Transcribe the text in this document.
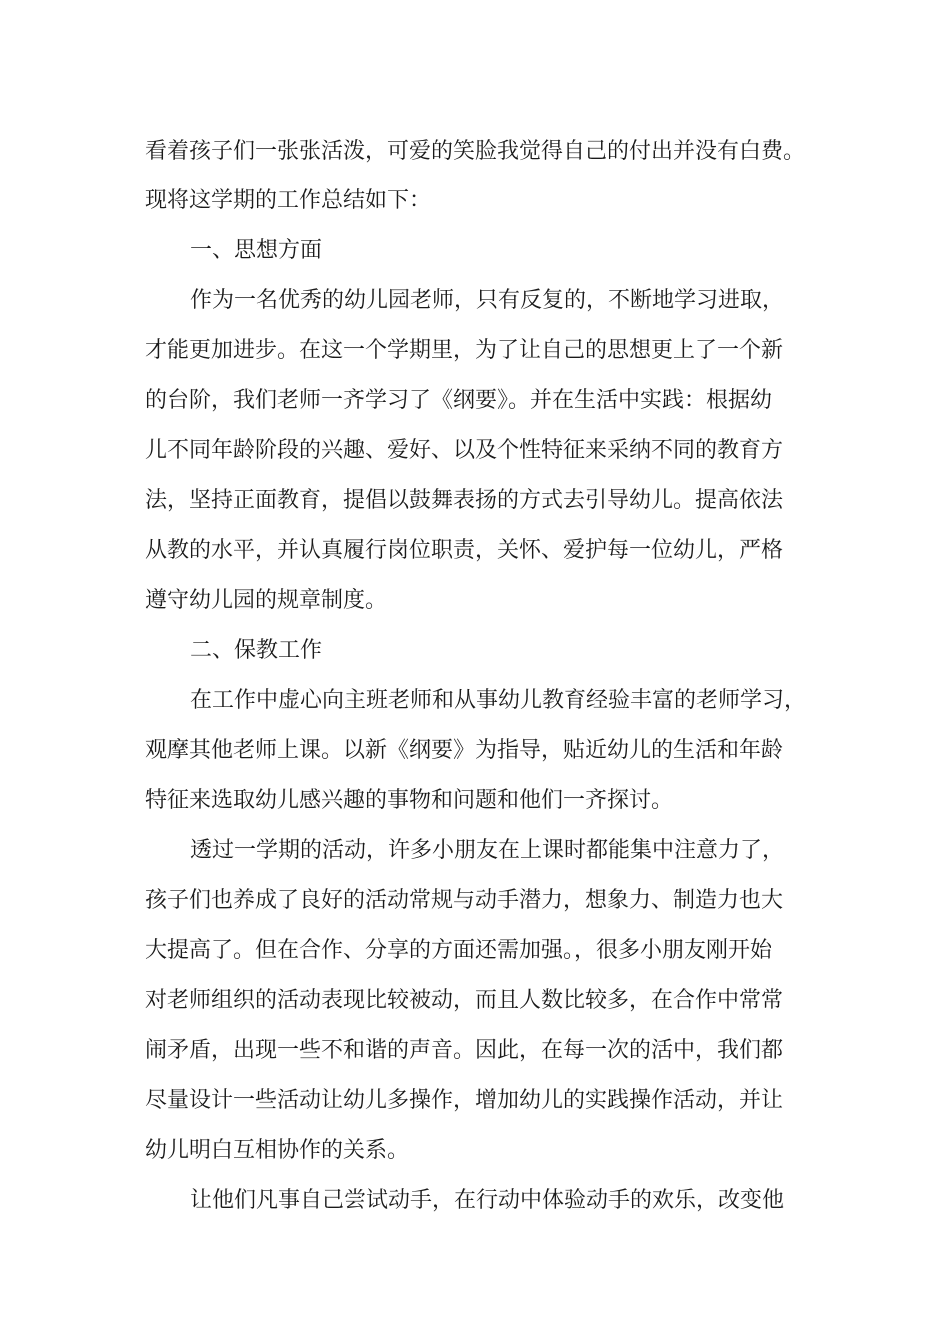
看着孩子们一张张活泼，可爱的笑脸我觉得自己的付出并没有白费。
现将这学期的工作总结如下：
一、思想方面
作为一名优秀的幼儿园老师，只有反复的，不断地学习进取，
才能更加进步。在这一个学期里，为了让自己的思想更上了一个新
的台阶，我们老师一齐学习了《纲要》。并在生活中实践：根据幼
儿不同年龄阶段的兴趣、爱好、以及个性特征来采纳不同的教育方
法，坚持正面教育，提倡以鼓舞表扬的方式去引导幼儿。提高依法
从教的水平，并认真履行岗位职责，关怀、爱护每一位幼儿，严格
遵守幼儿园的规章制度。
二、保教工作
在工作中虚心向主班老师和从事幼儿教育经验丰富的老师学习，
观摩其他老师上课。以新《纲要》为指导，贴近幼儿的生活和年龄
特征来选取幼儿感兴趣的事物和问题和他们一齐探讨。
透过一学期的活动，许多小朋友在上课时都能集中注意力了，
孩子们也养成了良好的活动常规与动手潜力，想象力、制造力也大
大提高了。但在合作、分享的方面还需加强。，很多小朋友刚开始
对老师组织的活动表现比较被动，而且人数比较多，在合作中常常
闹矛盾，出现一些不和谐的声音。因此，在每一次的活中，我们都
尽量设计一些活动让幼儿多操作，增加幼儿的实践操作活动，并让
幼儿明白互相协作的关系。
让他们凡事自己尝试动手，在行动中体验动手的欢乐，改变他
